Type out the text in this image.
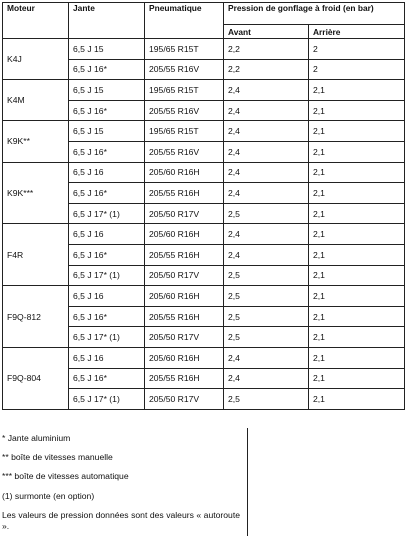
Moteur	Jante	Pneumatique	Pression de gonflage à froid (en bar)	
			Avant	Arrière
K4J	6,5 J 15	195/65 R15T	2,2	2
	6,5 J 16*	205/55 R16V	2,2	2
K4M	6,5 J 15	195/65 R15T	2,4	2,1
	6,5 J 16*	205/55 R16V	2,4	2,1
K9K**	6,5 J 15	195/65 R15T	2,4	2,1
	6,5 J 16*	205/55 R16V	2,4	2,1
K9K***	6,5 J 16	205/60 R16H	2,4	2,1
	6,5 J 16*	205/55 R16H	2,4	2,1
	6,5 J 17* (1)	205/50 R17V	2,5	2,1
F4R	6,5 J 16	205/60 R16H	2,4	2,1
	6,5 J 16*	205/55 R16H	2,4	2,1
	6,5 J 17* (1)	205/50 R17V	2,5	2,1
F9Q-812	6,5 J 16	205/60 R16H	2,5	2,1
	6,5 J 16*	205/55 R16H	2,5	2,1
	6,5 J 17* (1)	205/50 R17V	2,5	2,1
F9Q-804	6,5 J 16	205/60 R16H	2,4	2,1
	6,5 J 16*	205/55 R16H	2,4	2,1
	6,5 J 17* (1)	205/50 R17V	2,5	2,1
* Jante aluminium
** boîte de vitesses manuelle
*** boîte de vitesses automatique
(1) surmonte (en option)
Les valeurs de pression données sont des valeurs « autoroute ».
